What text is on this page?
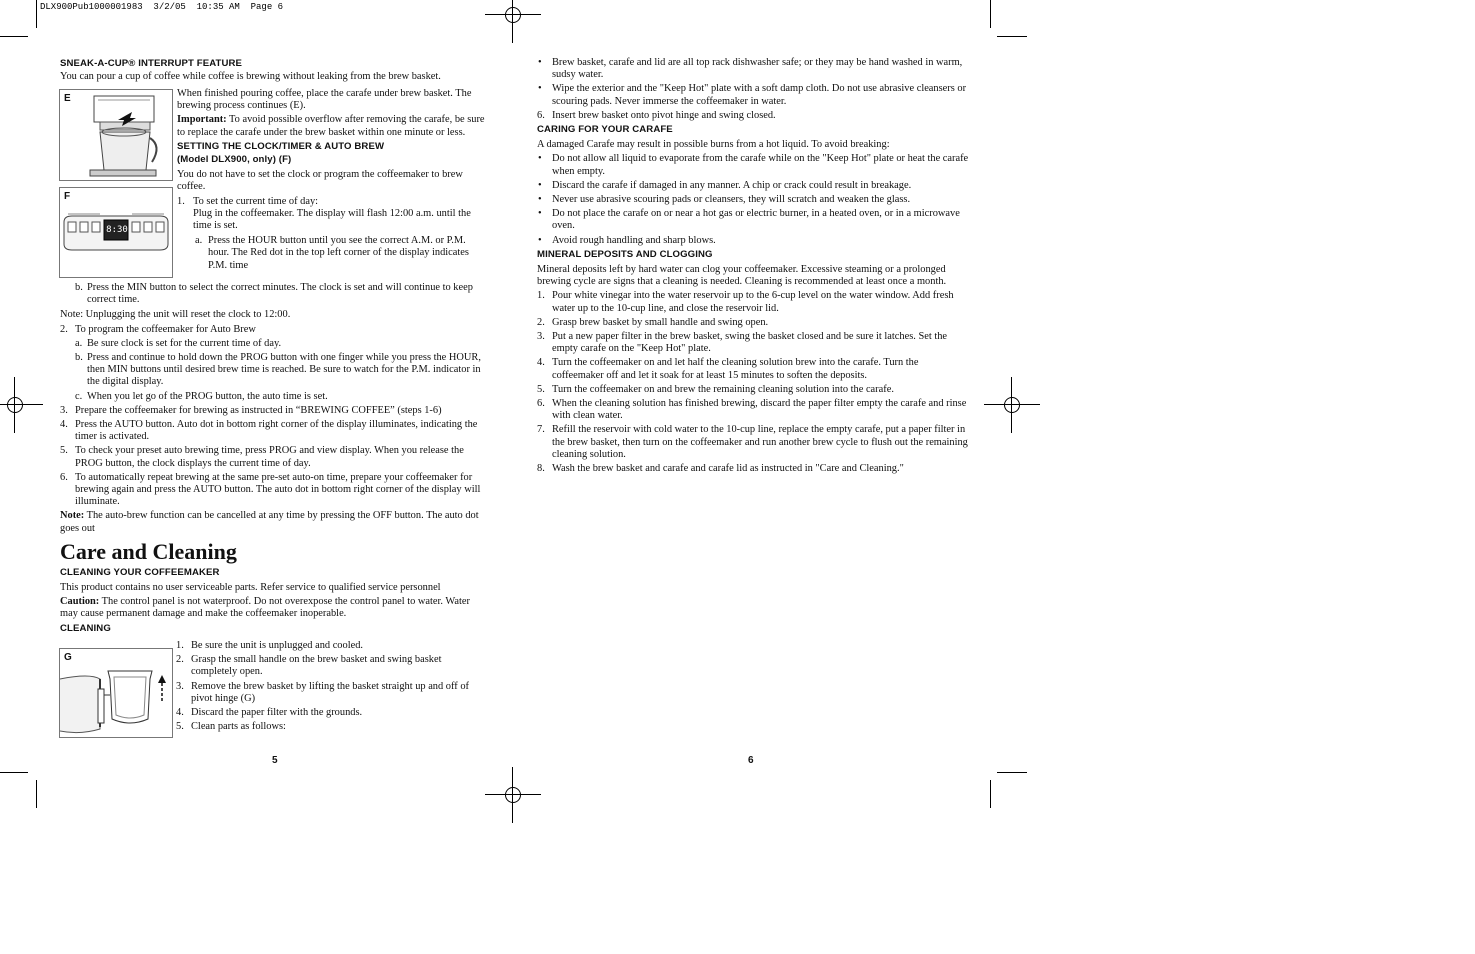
DLX900Pub1000001983  3/2/05  10:35 AM  Page 6
SNEAK-A-CUP® INTERRUPT FEATURE

You can pour a cup of coffee while coffee is brewing without leaking from the brew basket.

E	When finished pouring coffee, place the carafe under brew basket. The brewing process continues (E).

Important: To avoid possible overflow after removing the carafe, be sure to replace the carafe under the brew basket within one minute or less.

SETTING THE CLOCK/TIMER & AUTO BREW
(Model DLX900, only) (F)

You do not have to set the clock or program the coffeemaker to brew coffee.

1. To set the current time of day:
Plug in the coffeemaker. The display will flash 12:00 a.m. until the time is set.
a. Press the HOUR button until you see the correct A.M. or P.M. hour. The Red dot in the top left corner of the display indicates P.M. time
F
8:30
b. Press the MIN button to select the correct minutes. The clock is set and will continue to keep correct time.

Note: Unplugging the unit will reset the clock to 12:00.

2. To program the coffeemaker for Auto Brew
a. Be sure clock is set for the current time of day.
b. Press and continue to hold down the PROG button with one finger while you press the HOUR, then MIN buttons until desired brew time is reached. Be sure to watch for the P.M. indicator in the digital display.
c. When you let go of the PROG button, the auto time is set.
3. Prepare the coffeemaker for brewing as instructed in “BREWING COFFEE” (steps 1-6)
4. Press the AUTO button. Auto dot in bottom right corner of the display illuminates, indicating the timer is activated.
5. To check your preset auto brewing time, press PROG and view display. When you release the PROG button, the clock displays the current time of day.
6. To automatically repeat brewing at the same pre-set auto-on time, prepare your coffeemaker for brewing again and press the AUTO button. The auto dot in bottom right corner of the display will illuminate.

Note: The auto-brew function can be cancelled at any time by pressing the OFF button. The auto dot goes out

Care and Cleaning
CLEANING YOUR COFFEEMAKER

This product contains no user serviceable parts. Refer service to qualified service personnel

Caution: The control panel is not waterproof. Do not overexpose the control panel to water. Water may cause permanent damage and make the coffeemaker inoperable.

CLEANING
G
1. Be sure the unit is unplugged and cooled.
2. Grasp the small handle on the brew basket and swing basket completely open.
3. Remove the brew basket by lifting the basket straight up and off of pivot hinge (G)
4. Discard the paper filter with the grounds.
5. Clean parts as follows:
5
• Brew basket, carafe and lid are all top rack dishwasher safe; or they may be hand washed in warm, sudsy water.
• Wipe the exterior and the "Keep Hot" plate with a soft damp cloth. Do not use abrasive cleansers or scouring pads. Never immerse the coffeemaker in water.
6. Insert brew basket onto pivot hinge and swing closed.
CARING FOR YOUR CARAFE

A damaged Carafe may result in possible burns from a hot liquid. To avoid breaking:

• Do not allow all liquid to evaporate from the carafe while on the "Keep Hot" plate or heat the carafe when empty.
• Discard the carafe if damaged in any manner. A chip or crack could result in breakage.
• Never use abrasive scouring pads or cleansers, they will scratch and weaken the glass.
• Do not place the carafe on or near a hot gas or electric burner, in a heated oven, or in a microwave oven.
• Avoid rough handling and sharp blows.
MINERAL DEPOSITS AND CLOGGING

Mineral deposits left by hard water can clog your coffeemaker. Excessive steaming or a prolonged brewing cycle are signs that a cleaning is needed. Cleaning is recommended at least once a month.

1. Pour white vinegar into the water reservoir up to the 6-cup level on the water window. Add fresh water up to the 10-cup line, and close the reservoir lid.
2. Grasp brew basket by small handle and swing open.
3. Put a new paper filter in the brew basket, swing the basket closed and be sure it latches. Set the empty carafe on the "Keep Hot" plate.
4. Turn the coffeemaker on and let half the cleaning solution brew into the carafe. Turn the coffeemaker off and let it soak for at least 15 minutes to soften the deposits.
5. Turn the coffeemaker on and brew the remaining cleaning solution into the carafe.
6. When the cleaning solution has finished brewing, discard the paper filter empty the carafe and rinse with clean water.
7. Refill the reservoir with cold water to the 10-cup line, replace the empty carafe, put a paper filter in the brew basket, then turn on the coffeemaker and run another brew cycle to flush out the remaining cleaning solution.
8. Wash the brew basket and carafe and carafe lid as instructed in "Care and Cleaning."
6
